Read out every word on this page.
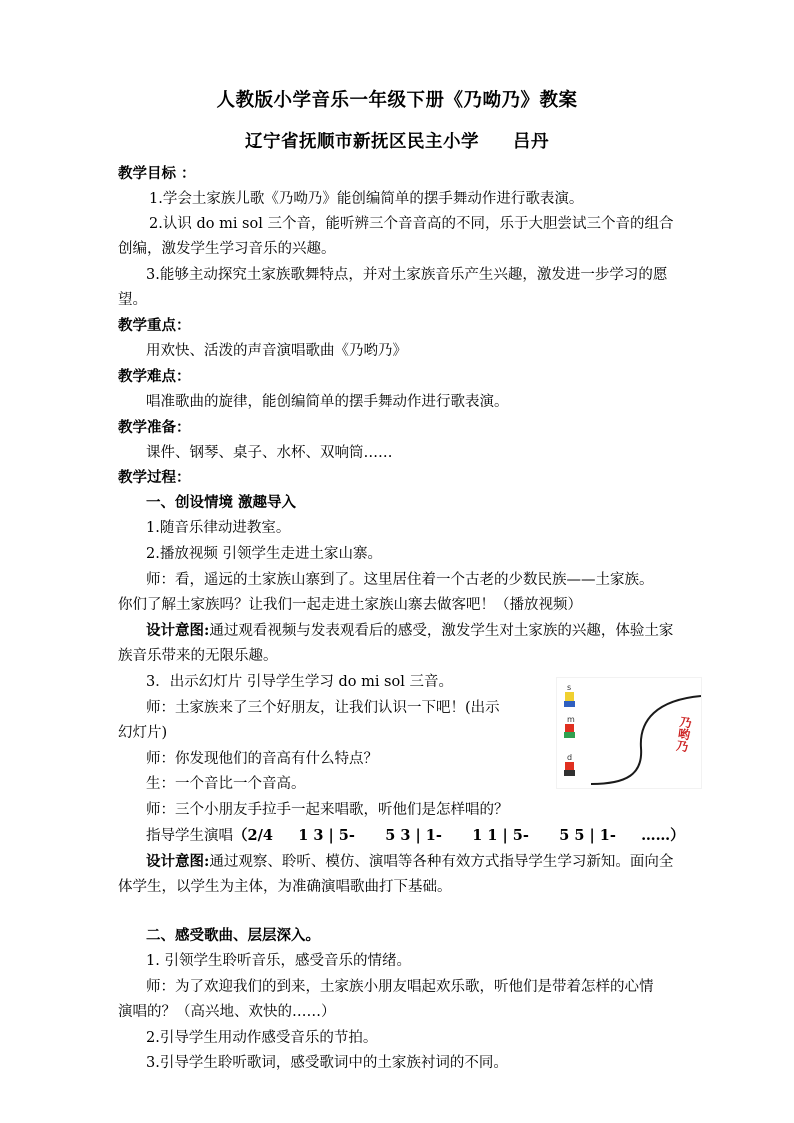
人教版小学音乐一年级下册《乃呦乃》教案
辽宁省抚顺市新抚区民主小学 吕丹
教学目标 ：
1.学会土家族儿歌《乃呦乃》能创编简单的摆手舞动作进行歌表演。
2.认识 do mi sol 三个音，能听辨三个音音高的不同，乐于大胆尝试三个音的组合
创编，激发学生学习音乐的兴趣。
3.能够主动探究土家族歌舞特点，并对土家族音乐产生兴趣，激发进一步学习的愿
望。
教学重点：
用欢快、活泼的声音演唱歌曲《乃哟乃》
教学难点：
唱准歌曲的旋律，能创编简单的摆手舞动作进行歌表演。
教学准备：
课件、钢琴、桌子、水杯、双响筒……
教学过程：
一、创设情境 激趣导入
1.随音乐律动进教室。
2.播放视频 引领学生走进土家山寨。
师：看，遥远的土家族山寨到了。这里居住着一个古老的少数民族——土家族。
你们了解土家族吗？让我们一起走进土家族山寨去做客吧！（播放视频）
设计意图:通过观看视频与发表观看后的感受，激发学生对土家族的兴趣，体验土家
族音乐带来的无限乐趣。
3．出示幻灯片 引导学生学习 do mi sol 三音。
师：土家族来了三个好朋友，让我们认识一下吧！(出示
幻灯片)
师：你发现他们的音高有什么特点？
生：一个音比一个音高。
师：三个小朋友手拉手一起来唱歌，听他们是怎样唱的？
指导学生演唱（2/4     1 3 | 5-      5 3 | 1-      1 1 | 5-      5 5 | 1-     ……）
设计意图:通过观察、聆听、模仿、演唱等各种有效方式指导学生学习新知。面向全
体学生，以学生为主体，为准确演唱歌曲打下基础。
二、感受歌曲、层层深入。
1. 引领学生聆听音乐，感受音乐的情绪。
师：为了欢迎我们的到来，土家族小朋友唱起欢乐歌，听他们是带着怎样的心情
演唱的？（高兴地、欢快的……）
2.引导学生用动作感受音乐的节拍。
3.引导学生聆听歌词，感受歌词中的土家族衬词的不同。
s
m
d
乃哟乃
